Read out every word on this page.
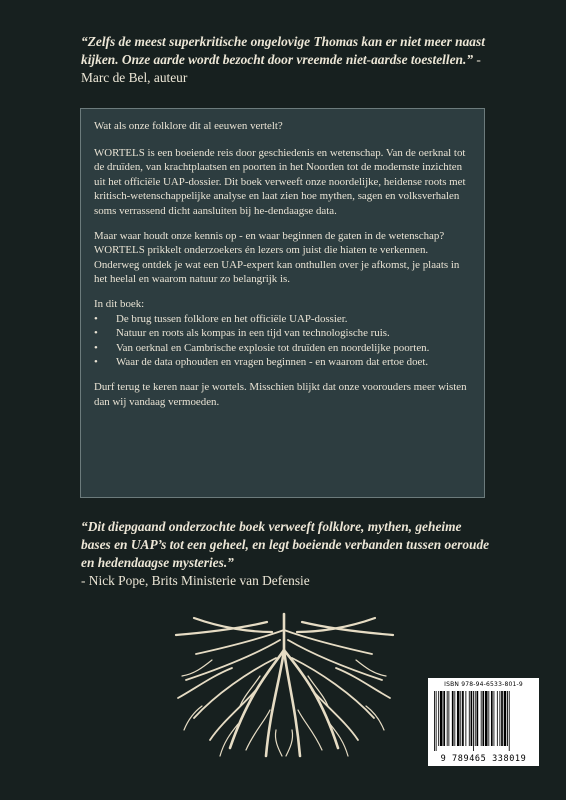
“Zelfs de meest superkritische ongelovige Thomas kan er niet meer naast kijken. Onze aarde wordt bezocht door vreemde niet-aardse toestellen.” - Marc de Bel, auteur

Wat als onze folklore dit al eeuwen vertelt?

WORTELS is een boeiende reis door geschiedenis en wetenschap. Van de oerknal tot de druïden, van krachtplaatsen en poorten in het Noorden tot de modernste inzichten uit het officiële UAP-dossier. Dit boek verweeft onze noordelijke, heidense roots met kritisch-wetenschappelijke analyse en laat zien hoe mythen, sagen en volksverhalen soms verrassend dicht aansluiten bij he-dendaagse data.

Maar waar houdt onze kennis op - en waar beginnen de gaten in de wetenschap? WORTELS prikkelt onderzoekers én lezers om juist die hiaten te verkennen. Onderweg ontdek je wat een UAP-expert kan onthullen over je afkomst, je plaats in het heelal en waarom natuur zo belangrijk is.

In dit boek:

• De brug tussen folklore en het officiële UAP-dossier.
• Natuur en roots als kompas in een tijd van technologische ruis.
• Van oerknal en Cambrische explosie tot druïden en noordelijke poorten.
• Waar de data ophouden en vragen beginnen - en waarom dat ertoe doet.

Durf terug te keren naar je wortels. Misschien blijkt dat onze voorouders meer wisten dan wij vandaag vermoeden.

“Dit diepgaand onderzochte boek verweeft folklore, mythen, geheime bases en UAP’s tot een geheel, en legt boeiende verbanden tussen oeroude en hedendaagse mysteries.”
- Nick Pope, Brits Ministerie van Defensie
ISBN 978-94-6533-801-9
9 789465 338019
